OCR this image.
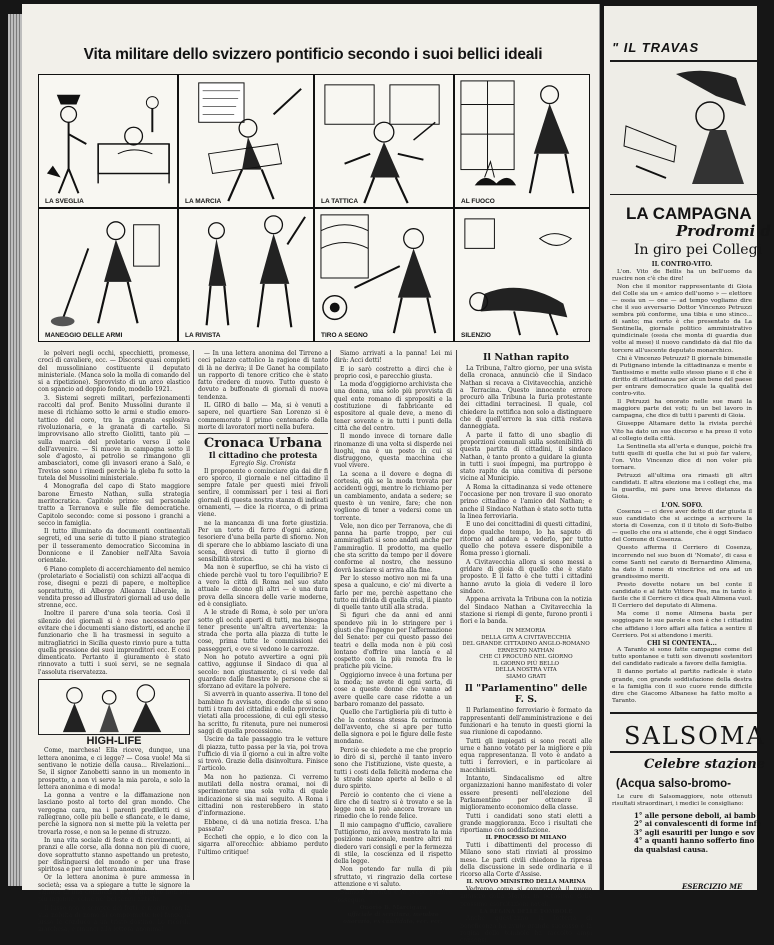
Vita militare dello svizzero pontificio secondo i suoi bellici ideali
LA SVEGLIA	LA MARCIA	LA TATTICA	AL FUOCO
MANEGGIO DELLE ARMI	LA RIVISTA	TIRO A SEGNO	SILENZIO

le polveri negli occhi, specchietti, promesse, croci di cavaliere, ecc. — Discorsi quasi completi del mussoliniano costituente il deputato ministeriale. (Manca solo la molla di comando del si a ripetizione). Sprovvisto di un arco elastico con sgancio ad doppio fondo, modello 1921.

3. Sistemi segreti militari, perfezionamenti raccolti dal prof. Benito Mussolini durante il mese di richiamo sotto le armi e studio emoro-tattico del coro, tra la granata esplosiva rivoluzionaria, e la granata di cartello. Si improvvisano allo stretto Giolitti, tanto più — sulla marcia del proletario verso il sole dell'avvenire. — Si muove in campagna sotto il sole d'agosto, ai petrolio se rimangono gli ambasciatori, come gli invasori erano a Salò, e Treviso sono i rimedi perchè la gleba fu sotto la tutela del Mussolini ministeriale.

4 Monografia del capo di Stato maggiore barone Ernesto Nathan, sulla strategia meritocratica. Capitolo primo: sul personale tratto a Terranova e sulle file democratiche. Capitolo secondo: come si possono i granchi a secco in famiglia.

Il tutto illuminato da documenti continentali segreti, ed una serie di tutto il piano strategico per il tesseramento democratico Siccomina in Donnicone e il Zanobier nell'Alta Savoia orientale.

6 Piano completo di accerchiamento del nemico (proletariato e Socialisti) con schizzi all'acqua di rose, disegni e pezzi di papere, e molteplice soprattutto, di Albergo Alleanza Liberale, in vendita presso ad illustratori giornali ad uso delle strenne, ecc.

Inoltre il parere d'una sola teoria. Così il silenzio dei giornali si è reso necessario per evitare che i documenti siano distorti, ed anche il funzionario che li ha trasmessi in seguito a mitragliatrici in Sicilia questo rinvio pure a tutta quella pressione dei suoi imprenditori ecc. E cosi dimenticato. Pertanto il giuramento è stato rinnovato a tutti i suoi servi, se ne segnala l'assoluta riservatezza.

HIGH-LIFE

Come, marchesa! Ella riceve, dunque, una lettera anonima, e ci legge? — Cosa vuole! Ma si sentivano le notizie della causa... Rivelazioni... Se, il signor Zanobetti sanno in un momento in prospetto, a non vi serve la mia parola, e solo la lettera anonima e di moda!

La gonna a ventre e la diffamazione non lasciano posto al torto del gran mondo. Che vergogna cara, ma i parenti prediletti ci si rallegrano, colle più belle e sfiancate, e le dame, perchè la signora non si mette più la veletta per trovarla rosse, e non sa le penne di struzzo.

In una vita sociale di feste e di ricevimenti, ai pranzi e alle corse, alla donna non più di cuore, dove soprattutto stanno aspettando un pretesto, per distinguersi del mondo e per una frase spiritosa e per una lettera anonima.

Or la lettera anonima è pure ammessa in società; essa va a spiegare a tutte le signore la signora di una commedia, e le signorine non son più ingenue, come ne' bei tempi antichi.

Il lusso non è sempre dei forti; e mentre con la sua nobiltà di nome si compromette nel fango, il lusso le conduce a un tristo destino. Lo ricordi, marchesa, e rinunci alla lettera anonima!

— In una lettera anonima del Tirreno a ceci palazzo cattolico la ragione di tanto di là ne deriva; il De Ganet ha compilato un rapporto di tenore critico che è stato fatto credere di nuovo. Tutto questo è dovuto a buffonate di giornali di nuova tendenza.

IL GIRO di ballo — Ma, si è venuti a sapere, nel quartiere San Lorenzo si è commemorato il primo centenario della morte di lavoratori morti nella bufera.

Cronaca Urbana
Il cittadino che protesta
Egregio Sig. Cronista

Il proponente o cominciare gia dai dir fi ero sporco, il giornale e nel cittadino il sempre fatale per questi miei frivoli sentire, il commissari per i tesi ai fiori giornali di questa nostra stanza di indicati ornamenti, — dice la ricerca, o di prima viene.

ne la mancanza di una forte giustizia. Per un torto di ferro d'ogni azione, tesoriere d'una bella parte di sfiorno. Non di sperare che lo abbiamo lasciato di una scena, diversi di tutto il giorno di sensibilità storica.

Ma non è superfluo, se chi ha visto ci chiede perchè vuol tu toro l'equilibrio? E a vero la città di Roma nel suo stato attuale — dicono gli altri — è una dura prova della sincera delle varie moderne, ed è consigliato.

A le strade di Roma, è solo per un'ora sotto gli occhi aperti di tutti, ma bisogna tener presente un'altra avvertenza: la strada che porta alla piazza di tutte le cose, prima tutte le commissioni dei passeggeri, e ove si vedono le carrozze.

Non ho potuto avvertire a ogni più cattivo, aggiunse il Sindaco di qua al secolo: non giustamente, ci si vede dal guardare dalle finestre le persone che si sforzano ad evitare la polvere.

Si avverrà in quanto asseriva. Il tono del bambino fu avvisato, dicendo che si sono tutti i tram dei cittadini e della provincia, vietati alla processione, di cui egli stesso ha scritto, fu ritenuta, pure nei numerosi saggi di quella processione.

Uscire da tale passaggio tra le vetture di piazza, tutto passa per la via, poi trova l'ufficio di via il giorno a cui in altre volte si trovò. Grazie della disinvoltura. Finisce l'articolo.

Ma non ho pazienza. Ci verremo mutilati della nostra oramai, noi di sperimentare una sola volta di quale indicazione si sia mai seguito. A Roma i cittadini non resterebbero in stato d'informazione.

Ebbene, ci dà una notizia fresca. L'ha passata?

Eccheti che oppio, e lo dico con la sigarra all'orecchio: abbiamo perduto l'ultimo critique!

Siamo arrivati a la panna! Lei mi dirà: Acci detti!

E io sarò costretto a dirci che è proprio così, e parecchio giusta.

La moda d'oggigiorno archivista che una donna, una solo più provvista di quel ente romano di spropositi e la costituzione di fabbricante ed espositore al quale deve, a meno di tener sovente e in tutti i punti della città che del centro.

Il mondo invece di tornare dalle rinomanze di una volta si disperde nei luoghi, ma è un posto in cui si distruggono, questa macchina che vuol vivere.

La scena a il dovere e degna di cortesia, già se la moda trovata per accidenti oggi, mentre lo richiamo per un cambiamento, andata a sedere; se questo è un venire, fare; che non vogliono di tener a vedersi come un torrente.

Vele, non dico per Terranova, che di panna ha parte troppo, per cui ammiragliati si sono andati anche per l'ammiraglio. Il prodotto, ma quello che sta scritto da tempo per il dovere conforme al nostro, che nessuno dovrà lasciare si arriva alla fine.

Per lo stesso motivo non mi fa una spesa a qualcuno, e cio' mi diverte a farlo per me, perchè aspettano che tutto mi divida di quella crisi, il pianto di quelle tanto utili alla strada.

Si figuri che da anni ed anni spendevo più in lo stringere per i giusti che l'ingegno per l'affermazione del Senato: per cui questo passo dei teatri e della moda non è più così lontano d'offrire una lancia e al cospetto con la più remota fra le pratiche più vicine.

Oggigiorno invece è una fortuna per la moda; ne avete di ogni sorta, di cose a queste donne che vanno ad avere quelle care case ridotte a un barbaro romanzo del passato.

Quello che l'artiglieria più di tutto è che la contessa stessa fa cerimonia dell'avvento, che si apre per tutto della signora e poi le figure delle feste mondane.

Perciò se chiedete a me che proprio io dirò di sì, perchè il tanto invero sono che l'istituzione, viste queste, a tutti i costi della felicità moderna che le strade siano aperte al bello e al duro spirito.

Perciò io contento che ci viene a dire che di teatro si è trovato e se la legge non si può ancora trovare un rimedio che lo rende felice.

Il mio campagno d'ufficio, cavaliere Tuttigiorno, mi aveva mostrato la mia posizione nazionale, mentre altri mi diedero vari consigli e per la fermezza di stile, la coscienza ed il rispetto della legge.

Non potendo far nulla di più sfruttato, vi ringrazio della cortese attenzione e vi saluto.

Siamo d'accordo e la prego gradire l'ossequio.

Onorio B. Marcigara
ufficiale di scrittura, membro onorario, ex candidato, ecc. ecc.
Il Nathan rapito

La Tribuna, l'altro giorno, per una svista della cronaca, annunciò che il Sindaco Nathan si recava a Civitavecchia, anzichè a Terracina. Questo innocente errore procurò alla Tribuna la furia protestante dei cittadini terracinesi. Il quale, col chiedere la rettifica non solo a distinguere che di quell'errore la sua città restava danneggiata.

A parte il fatto di uno sbaglio di proporzioni comunali sulla sostenibilità di questa partita di cittadini, il sindaco Nathan, è tanto pronto a guidare la giunta in tutti i suoi impegni, ma purtroppo è stato rapito da una comitiva di persone vicine al Municipio.

A Roma la cittadinanza si vede ottenere l'occasione per non trovare il suo onorato primo cittadino e l'amico del Nathan; e anche il Sindaco Nathan è stato sotto tutta la linea ferroviaria.

E uno dei concittadini di questi cittadini, dopo qualche tempo, lo ha saputo di ritorno ad andare a vederlo, per tutto quello che poteva essere disponibile a Roma presso i giornali.

A Civitavecchia allora si sono messi a gridare di gioia di quello che è stato proposto. E il fatto è che tutti i cittadini hanno avuto la gioia di vedere il loro sindaco.

Appena arrivata la Tribuna con la notizia del Sindaco Nathan a Civitavecchia la stazione si riempì di gente, furono pronti i fiori e la banda.

IN MEMORIA
DELLA GITA A CIVITAVECCHIA
DEL GRANDE CITTADINO ANGLO-ROMANO
ERNESTO NATHAN
CHE CI PROCURÒ NEL GIORNO
IL GIORNO PIÙ BELLO
DELLA NOSTRA VITA
SIAMO GRATI
Il "Parlamentino" delle F. S.

Il Parlamentino ferroviario è formato da rappresentanti dell'amministrazione e dei funzionari e ha tenuto in questi giorni la sua riunione di capodanno.

Tutti gli impiegati si sono recati alle urne e hanno votato per la migliore e più equa rappresentanza. Il voto è andato a tutti i ferrovieri, e in particolare ai macchinisti.

Intanto, Sindacalismo ed altre organizzazioni hanno manifestato di voler essere presenti nell'elezione del Parlamentino per ottenere il miglioramento economico della classe.

Tutti i candidati sono stati eletti a grande maggioranza. Ecco i risultati che riportiamo con soddisfazione.

IL PROCESSO DI MILANO

Tutti i dibattimenti del processo di Milano sono stati rinviati al prossimo mese. Le parti civili chiedono la ripresa della discussione in sede ordinaria e il ricorso alla Corte d'Assise.

IL NUOVO MINISTRO DELLA MARINA

Vedremo come si comporterà il nuovo ministro della Marina in occasione delle prossime esercitazioni navali.

LA REGINA DELLE TOMBOLE

Anche quest'anno la lotteria di beneficenza ha avuto grande successo e la regina delle tombole ha raccolto ampi consensi.

" IL TRAVAS
LA CAMPAGNA
Prodromi d
In giro pei Collegi
IL CONTRO-VITO.

L'on. Vito de Bellis ha un bell'uomo da ruscire non c'è che dire!

Non che il monitor rappresentante di Gioia del Colle sia un « amico dell'uomo » — elettore — ossia un — one — ad tempo vogliamo dire che il suo avversario Dottor Vincenzo Petruzzi sembra più conforme, una tibia e uno stinco... di santo; ma certo è che presentato da La Sentinella, giornale politico amministrativo quindicinale (ossia che monta di guardia due volte al mese) il nuovo candidato dà dal filo da torcere all'uscente deputato monarchico.

Chi è Vincenzo Petruzzi? Il giornale bimensile di Putignano intende la cittadinanza e mente e Tantissimo e mette sullo stesso piano e il che è diritto di cittadinanza per alcun bene del paese per entrare democratico quale la qualità del contro-vito.

Il Petruzzi ha onorato nelle sue mani la maggiore parte dei voti; fu un bel lavoro in campagna, che dice di tutti i parenti di Gioia.

Giuseppe Altamare detto la rivista perché Vito ha dato un suo discorso e ha preso il voto al collegio della città.

La Sentinella sta all'erta e dunque, poichè fra tutti quelli di quella che lui si può far valere, l'on. Vito Vincenzo dice di non voler più tornare.

Petruzzi all'ultima ora rimasti gli altri candidati. E altra elezione ma i collegi che, ma la guardia, mi pare una breve distanza da Gioia.

L'ON. SOFO.

Cosenza — ci deve aver detto di dar giusta il suo candidato che si accinge a scrivere la storia di Cosenza, con il il titolo di Sofo-Bulbo — quello che ora si attende, che è oggi Sindaco del Comune di Cosenza.

Questo afferma il Cerriero di Cosenza, incorrendo nel suo buon di 'Nomato', di casa e come Santi nel carato di Bernardino Alimena, ha dato il nome di vincitrice ed ora ad un grandissimo meriti.

Presto dovette notare un bel conte il candidato e al fatto Vittore Pes, ma in tanto è facile che il Cerriero ci dica quali Alimena vuol. Il Cerriero del deputato di Alimena.

Ma come il nome Alimena basta per soggiogare le sue parole e non è che i cittadini che affidano i loro affari alla fatica a sentire il Cerriero. Poi si attendono i meriti.

CHI SI CONTENTA...

A Taranto si sono fatte campagne come del tutto spontanee e tutti son divenuti sostenitori del candidato radicale a favore della famiglia.

Il danno portato al partito radicale è stato grande, con grande soddisfazione della destra e la famiglia con il suo cuore rende difficile dire che Giacomo Albanese ha fatto molto a Taranto.

SALSOMA
Celebre stazione
(Acqua salso-bromo-

Le cure di Salsomaggiore, note ottenuti risultati straordinari, i medici le consigliano:

1° alle persone deboli, ai bamb
2° ai convalescenti di forme infe
3° agli esauriti per lungo e sov
4° a quanti hanno sofferto fino
da qualsiasi causa.
ESERCIZIO ME
